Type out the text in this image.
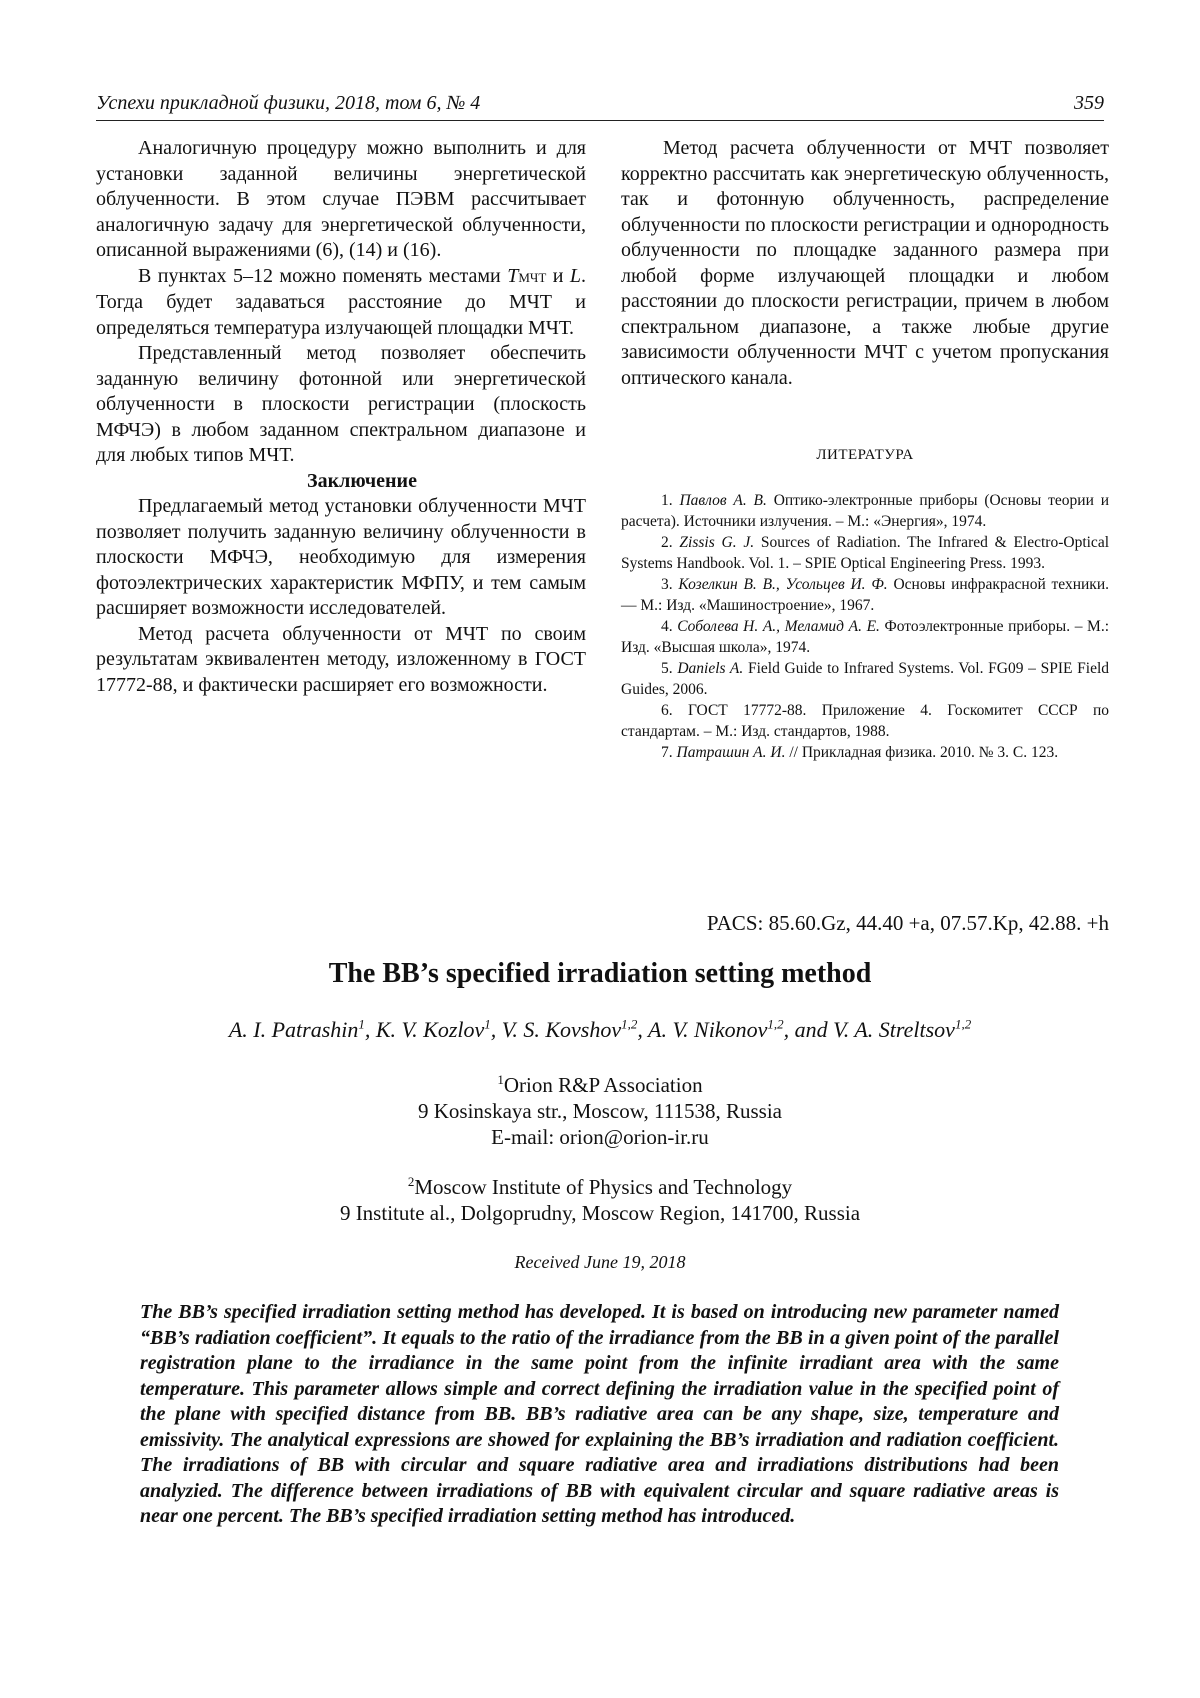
Успехи прикладной физики, 2018, том 6, № 4	359

Аналогичную процедуру можно выполнить и для установки заданной величины энергетической облученности. В этом случае ПЭВМ рассчитывает аналогичную задачу для энергетической облученности, описанной выражениями (6), (14) и (16).

В пунктах 5–12 можно поменять местами TМЧТ и L. Тогда будет задаваться расстояние до МЧТ и определяться температура излучающей площадки МЧТ.

Представленный метод позволяет обеспечить заданную величину фотонной или энергетической облученности в плоскости регистрации (плоскость МФЧЭ) в любом заданном спектральном диапазоне и для любых типов МЧТ.

Заключение

Предлагаемый метод установки облученности МЧТ позволяет получить заданную величину облученности в плоскости МФЧЭ, необходимую для измерения фотоэлектрических характеристик МФПУ, и тем самым расширяет возможности исследователей.

Метод расчета облученности от МЧТ по своим результатам эквивалентен методу, изложенному в ГОСТ 17772-88, и фактически расширяет его возможности.

Метод расчета облученности от МЧТ позволяет корректно рассчитать как энергетическую облученность, так и фотонную облученность, распределение облученности по плоскости регистрации и однородность облученности по площадке заданного размера при любой форме излучающей площадки и любом расстоянии до плоскости регистрации, причем в любом спектральном диапазоне, а также любые другие зависимости облученности МЧТ с учетом пропускания оптического канала.

ЛИТЕРАТУРА

1. Павлов А. В. Оптико-электронные приборы (Основы теории и расчета). Источники излучения. – М.: «Энергия», 1974.

2. Zissis G. J. Sources of Radiation. The Infrared & Electro-Optical Systems Handbook. Vol. 1. – SPIE Optical Engineering Press. 1993.

3. Козелкин В. В., Усольцев И. Ф. Основы инфракрасной техники. — М.: Изд. «Машиностроение», 1967.

4. Соболева Н. А., Меламид А. Е. Фотоэлектронные приборы. – М.: Изд. «Высшая школа», 1974.

5. Daniels A. Field Guide to Infrared Systems. Vol. FG09 – SPIE Field Guides, 2006.

6. ГОСТ 17772-88. Приложение 4. Госкомитет СССР по стандартам. – М.: Изд. стандартов, 1988.

7. Патрашин А. И. // Прикладная физика. 2010. № 3. С. 123.

PACS: 85.60.Gz, 44.40 +a, 07.57.Kp, 42.88. +h
The BB’s specified irradiation setting method
A. I. Patrashin$^1$, K. V. Kozlov$^1$, V. S. Kovshov$^{1,2}$, A. V. Nikonov$^{1,2}$, and V. A. Streltsov$^{1,2}$
$^1$Orion R&P Association
9 Kosinskaya str., Moscow, 111538, Russia
E-mail: orion@orion-ir.ru
$^2$Moscow Institute of Physics and Technology
9 Institute al., Dolgoprudny, Moscow Region, 141700, Russia
Received June 19, 2018
The BB’s specified irradiation setting method has developed. It is based on introducing new parameter named “BB’s radiation coefficient”. It equals to the ratio of the irradiance from the BB in a given point of the parallel registration plane to the irradiance in the same point from the infinite irradiant area with the same temperature. This parameter allows simple and correct defining the irradiation value in the specified point of the plane with specified distance from BB. BB’s radiative area can be any shape, size, temperature and emissivity. The analytical expressions are showed for explaining the BB’s irradiation and radiation coefficient. The irradiations of BB with circular and square radiative area and irradiations distributions had been analyzied. The difference between irradiations of BB with equivalent circular and square radiative areas is near one percent. The BB’s specified irradiation setting method has introduced.
